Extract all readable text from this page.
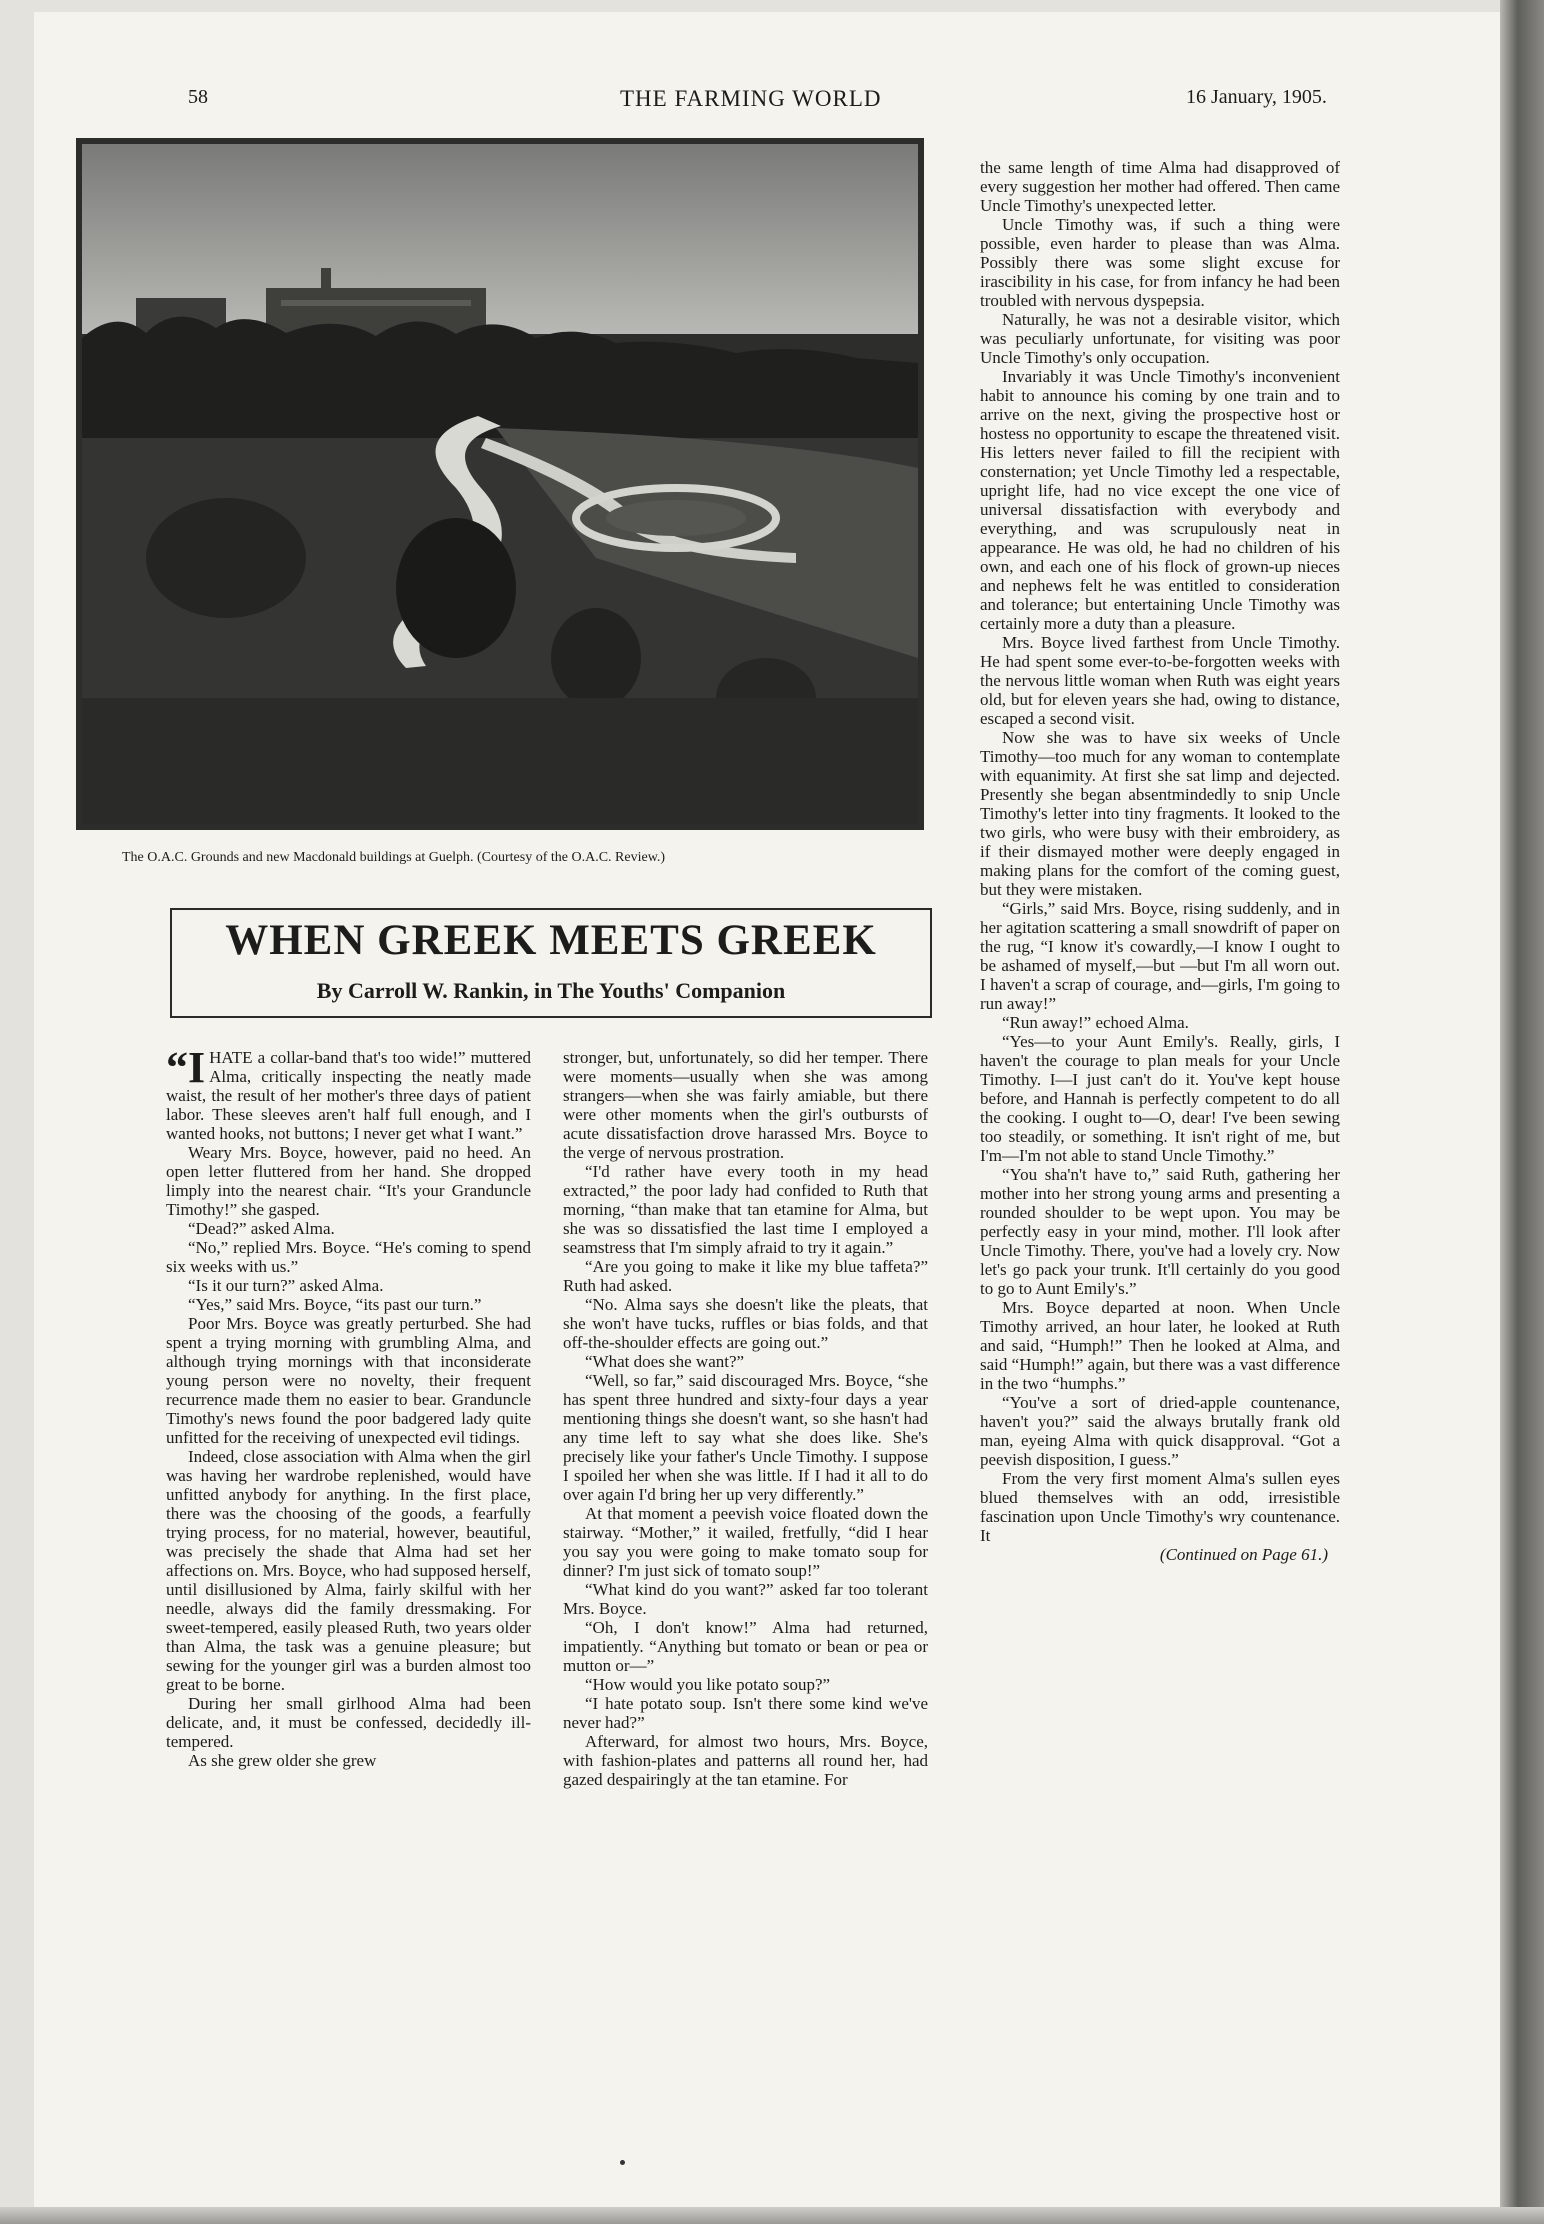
58	THE FARMING WORLD	16 January, 1905.
The O.A.C. Grounds and new Macdonald buildings at Guelph. (Courtesy of the O.A.C. Review.)
WHEN GREEK MEETS GREEK
By Carroll W. Rankin, in The Youths' Companion

“IHATE a collar-band that's too wide!” muttered Alma, critically inspecting the neatly made waist, the result of her mother's three days of patient labor. These sleeves aren't half full enough, and I wanted hooks, not buttons; I never get what I want.”

Weary Mrs. Boyce, however, paid no heed. An open letter fluttered from her hand. She dropped limply into the nearest chair. “It's your Granduncle Timothy!” she gasped.

“Dead?” asked Alma.

“No,” replied Mrs. Boyce. “He's coming to spend six weeks with us.”

“Is it our turn?” asked Alma.

“Yes,” said Mrs. Boyce, “its past our turn.”

Poor Mrs. Boyce was greatly perturbed. She had spent a trying morning with grumbling Alma, and although trying mornings with that inconsiderate young person were no novelty, their frequent recurrence made them no easier to bear. Granduncle Timothy's news found the poor badgered lady quite unfitted for the receiving of unexpected evil tidings.

Indeed, close association with Alma when the girl was having her wardrobe replenished, would have unfitted anybody for anything. In the first place, there was the choosing of the goods, a fearfully trying process, for no material, however, beautiful, was precisely the shade that Alma had set her affections on. Mrs. Boyce, who had supposed herself, until disillusioned by Alma, fairly skilful with her needle, always did the family dressmaking. For sweet-tempered, easily pleased Ruth, two years older than Alma, the task was a genuine pleasure; but sewing for the younger girl was a burden almost too great to be borne.

During her small girlhood Alma had been delicate, and, it must be confessed, decidedly ill-tempered.

As she grew older she grew

stronger, but, unfortunately, so did her temper. There were moments—usually when she was among strangers—when she was fairly amiable, but there were other moments when the girl's outbursts of acute dissatisfaction drove harassed Mrs. Boyce to the verge of nervous prostration.

“I'd rather have every tooth in my head extracted,” the poor lady had confided to Ruth that morning, “than make that tan etamine for Alma, but she was so dissatisfied the last time I employed a seamstress that I'm simply afraid to try it again.”

“Are you going to make it like my blue taffeta?” Ruth had asked.

“No. Alma says she doesn't like the pleats, that she won't have tucks, ruffles or bias folds, and that off-the-shoulder effects are going out.”

“What does she want?”

“Well, so far,” said discouraged Mrs. Boyce, “she has spent three hundred and sixty-four days a year mentioning things she doesn't want, so she hasn't had any time left to say what she does like. She's precisely like your father's Uncle Timothy. I suppose I spoiled her when she was little. If I had it all to do over again I'd bring her up very differently.”

At that moment a peevish voice floated down the stairway. “Mother,” it wailed, fretfully, “did I hear you say you were going to make tomato soup for dinner? I'm just sick of tomato soup!”

“What kind do you want?” asked far too tolerant Mrs. Boyce.

“Oh, I don't know!” Alma had returned, impatiently. “Anything but tomato or bean or pea or mutton or—”

“How would you like potato soup?”

“I hate potato soup. Isn't there some kind we've never had?”

Afterward, for almost two hours, Mrs. Boyce, with fashion-plates and patterns all round her, had gazed despairingly at the tan etamine. For

the same length of time Alma had disapproved of every suggestion her mother had offered. Then came Uncle Timothy's unexpected letter.

Uncle Timothy was, if such a thing were possible, even harder to please than was Alma. Possibly there was some slight excuse for irascibility in his case, for from infancy he had been troubled with nervous dyspepsia.

Naturally, he was not a desirable visitor, which was peculiarly unfortunate, for visiting was poor Uncle Timothy's only occupation.

Invariably it was Uncle Timothy's inconvenient habit to announce his coming by one train and to arrive on the next, giving the prospective host or hostess no opportunity to escape the threatened visit. His letters never failed to fill the recipient with consternation; yet Uncle Timothy led a respectable, upright life, had no vice except the one vice of universal dissatisfaction with everybody and everything, and was scrupulously neat in appearance. He was old, he had no children of his own, and each one of his flock of grown-up nieces and nephews felt he was entitled to consideration and tolerance; but entertaining Uncle Timothy was certainly more a duty than a pleasure.

Mrs. Boyce lived farthest from Uncle Timothy. He had spent some ever-to-be-forgotten weeks with the nervous little woman when Ruth was eight years old, but for eleven years she had, owing to distance, escaped a second visit.

Now she was to have six weeks of Uncle Timothy—too much for any woman to contemplate with equanimity. At first she sat limp and dejected. Presently she began absentmindedly to snip Uncle Timothy's letter into tiny fragments. It looked to the two girls, who were busy with their embroidery, as if their dismayed mother were deeply engaged in making plans for the comfort of the coming guest, but they were mistaken.

“Girls,” said Mrs. Boyce, rising suddenly, and in her agitation scattering a small snowdrift of paper on the rug, “I know it's cowardly,—I know I ought to be ashamed of myself,—but —but I'm all worn out. I haven't a scrap of courage, and—girls, I'm going to run away!”

“Run away!” echoed Alma.

“Yes—to your Aunt Emily's. Really, girls, I haven't the courage to plan meals for your Uncle Timothy. I—I just can't do it. You've kept house before, and Hannah is perfectly competent to do all the cooking. I ought to—O, dear! I've been sewing too steadily, or something. It isn't right of me, but I'm—I'm not able to stand Uncle Timothy.”

“You sha'n't have to,” said Ruth, gathering her mother into her strong young arms and presenting a rounded shoulder to be wept upon. You may be perfectly easy in your mind, mother. I'll look after Uncle Timothy. There, you've had a lovely cry. Now let's go pack your trunk. It'll certainly do you good to go to Aunt Emily's.”

Mrs. Boyce departed at noon. When Uncle Timothy arrived, an hour later, he looked at Ruth and said, “Humph!” Then he looked at Alma, and said “Humph!” again, but there was a vast difference in the two “humphs.”

“You've a sort of dried-apple countenance, haven't you?” said the always brutally frank old man, eyeing Alma with quick disapproval. “Got a peevish disposition, I guess.”

From the very first moment Alma's sullen eyes blued themselves with an odd, irresistible fascination upon Uncle Timothy's wry countenance. It

(Continued on Page 61.)
